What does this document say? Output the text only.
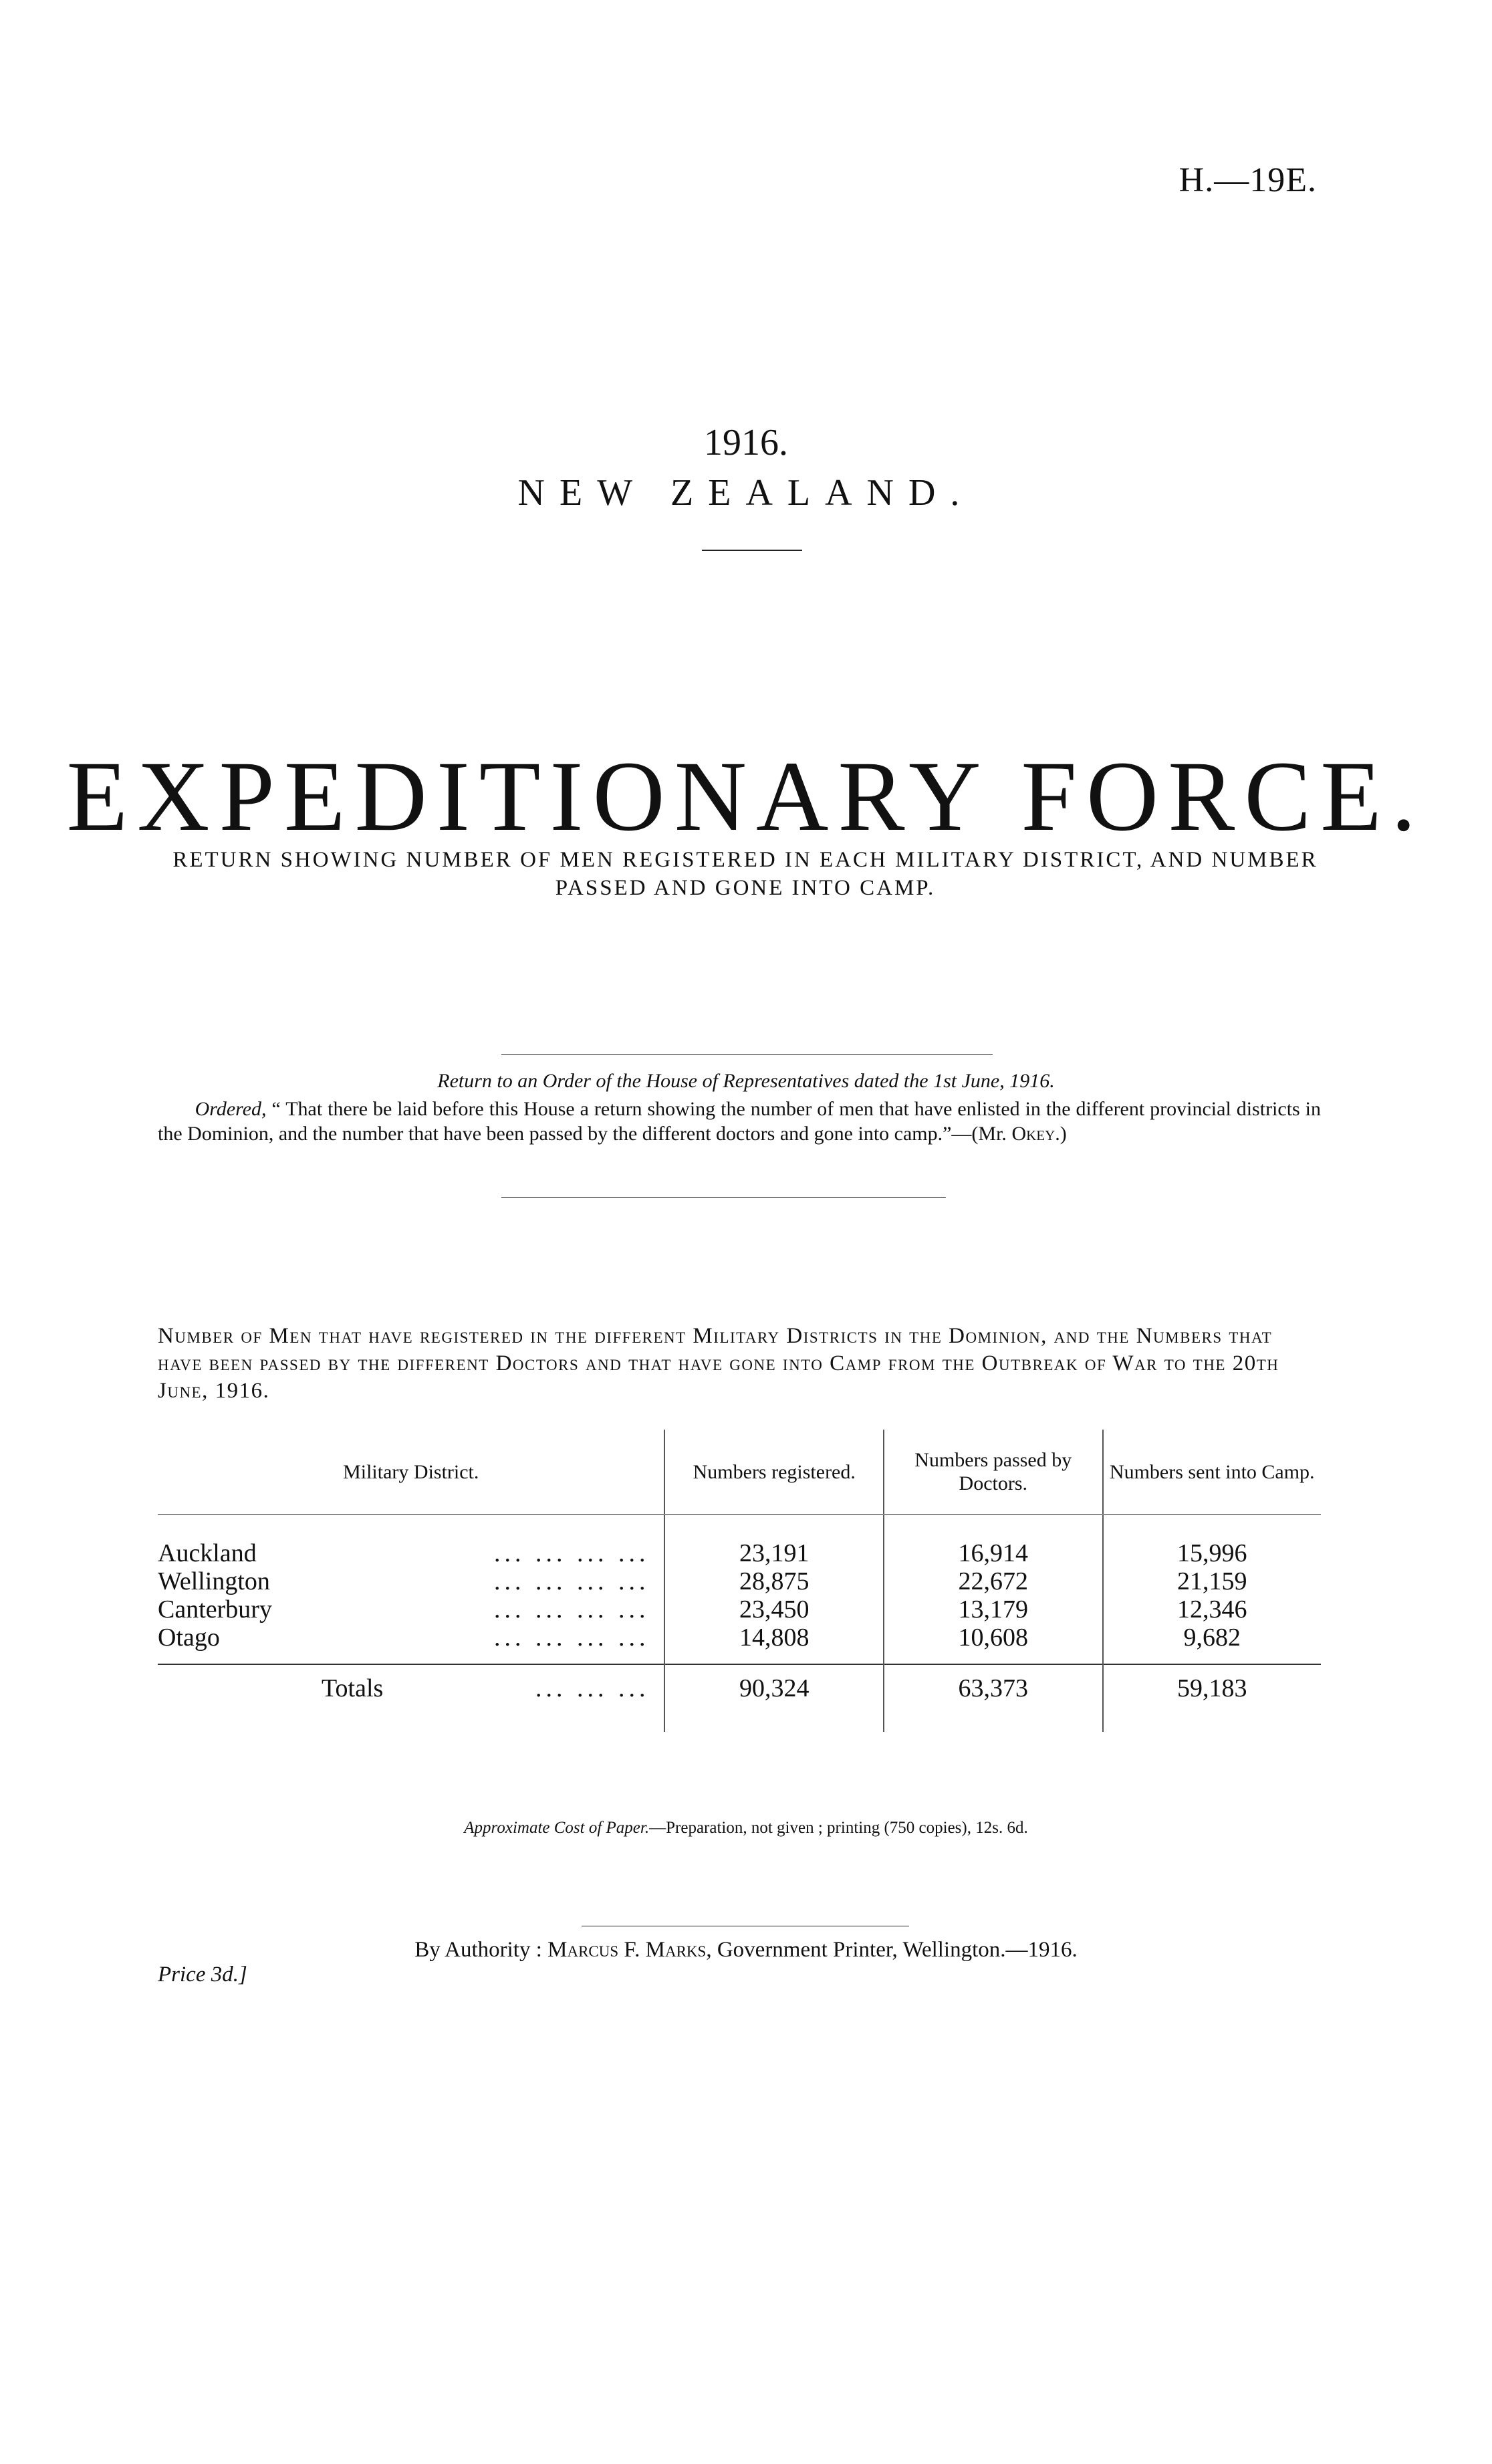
H.—19E.
1916.
NEW ZEALAND.
EXPEDITIONARY FORCE.
RETURN SHOWING NUMBER OF MEN REGISTERED IN EACH MILITARY DISTRICT, AND NUMBER PASSED AND GONE INTO CAMP.
Return to an Order of the House of Representatives dated the 1st June, 1916.
Ordered, “ That there be laid before this House a return showing the number of men that have enlisted in the different provincial districts in the Dominion, and the number that have been passed by the different doctors and gone into camp.”—(Mr. Okey.)
Number of Men that have registered in the different Military Districts in the Dominion, and the Numbers that have been passed by the different Doctors and that have gone into Camp from the Outbreak of War to the 20th June, 1916.
Military District.	Numbers registered.	Numbers passed by Doctors.	Numbers sent into Camp.

Auckland ... ... ... ...	23,191	16,914	15,996

Wellington ... ... ... ...	28,875	22,672	21,159

Canterbury ... ... ... ...	23,450	13,179	12,346

Otago ... ... ... ...	14,808	10,608	9,682

Totals ... ... ...	90,324	63,373	59,183
Approximate Cost of Paper.—Preparation, not given ; printing (750 copies), 12s. 6d.
By Authority : Marcus F. Marks, Government Printer, Wellington.—1916.
Price 3d.]
